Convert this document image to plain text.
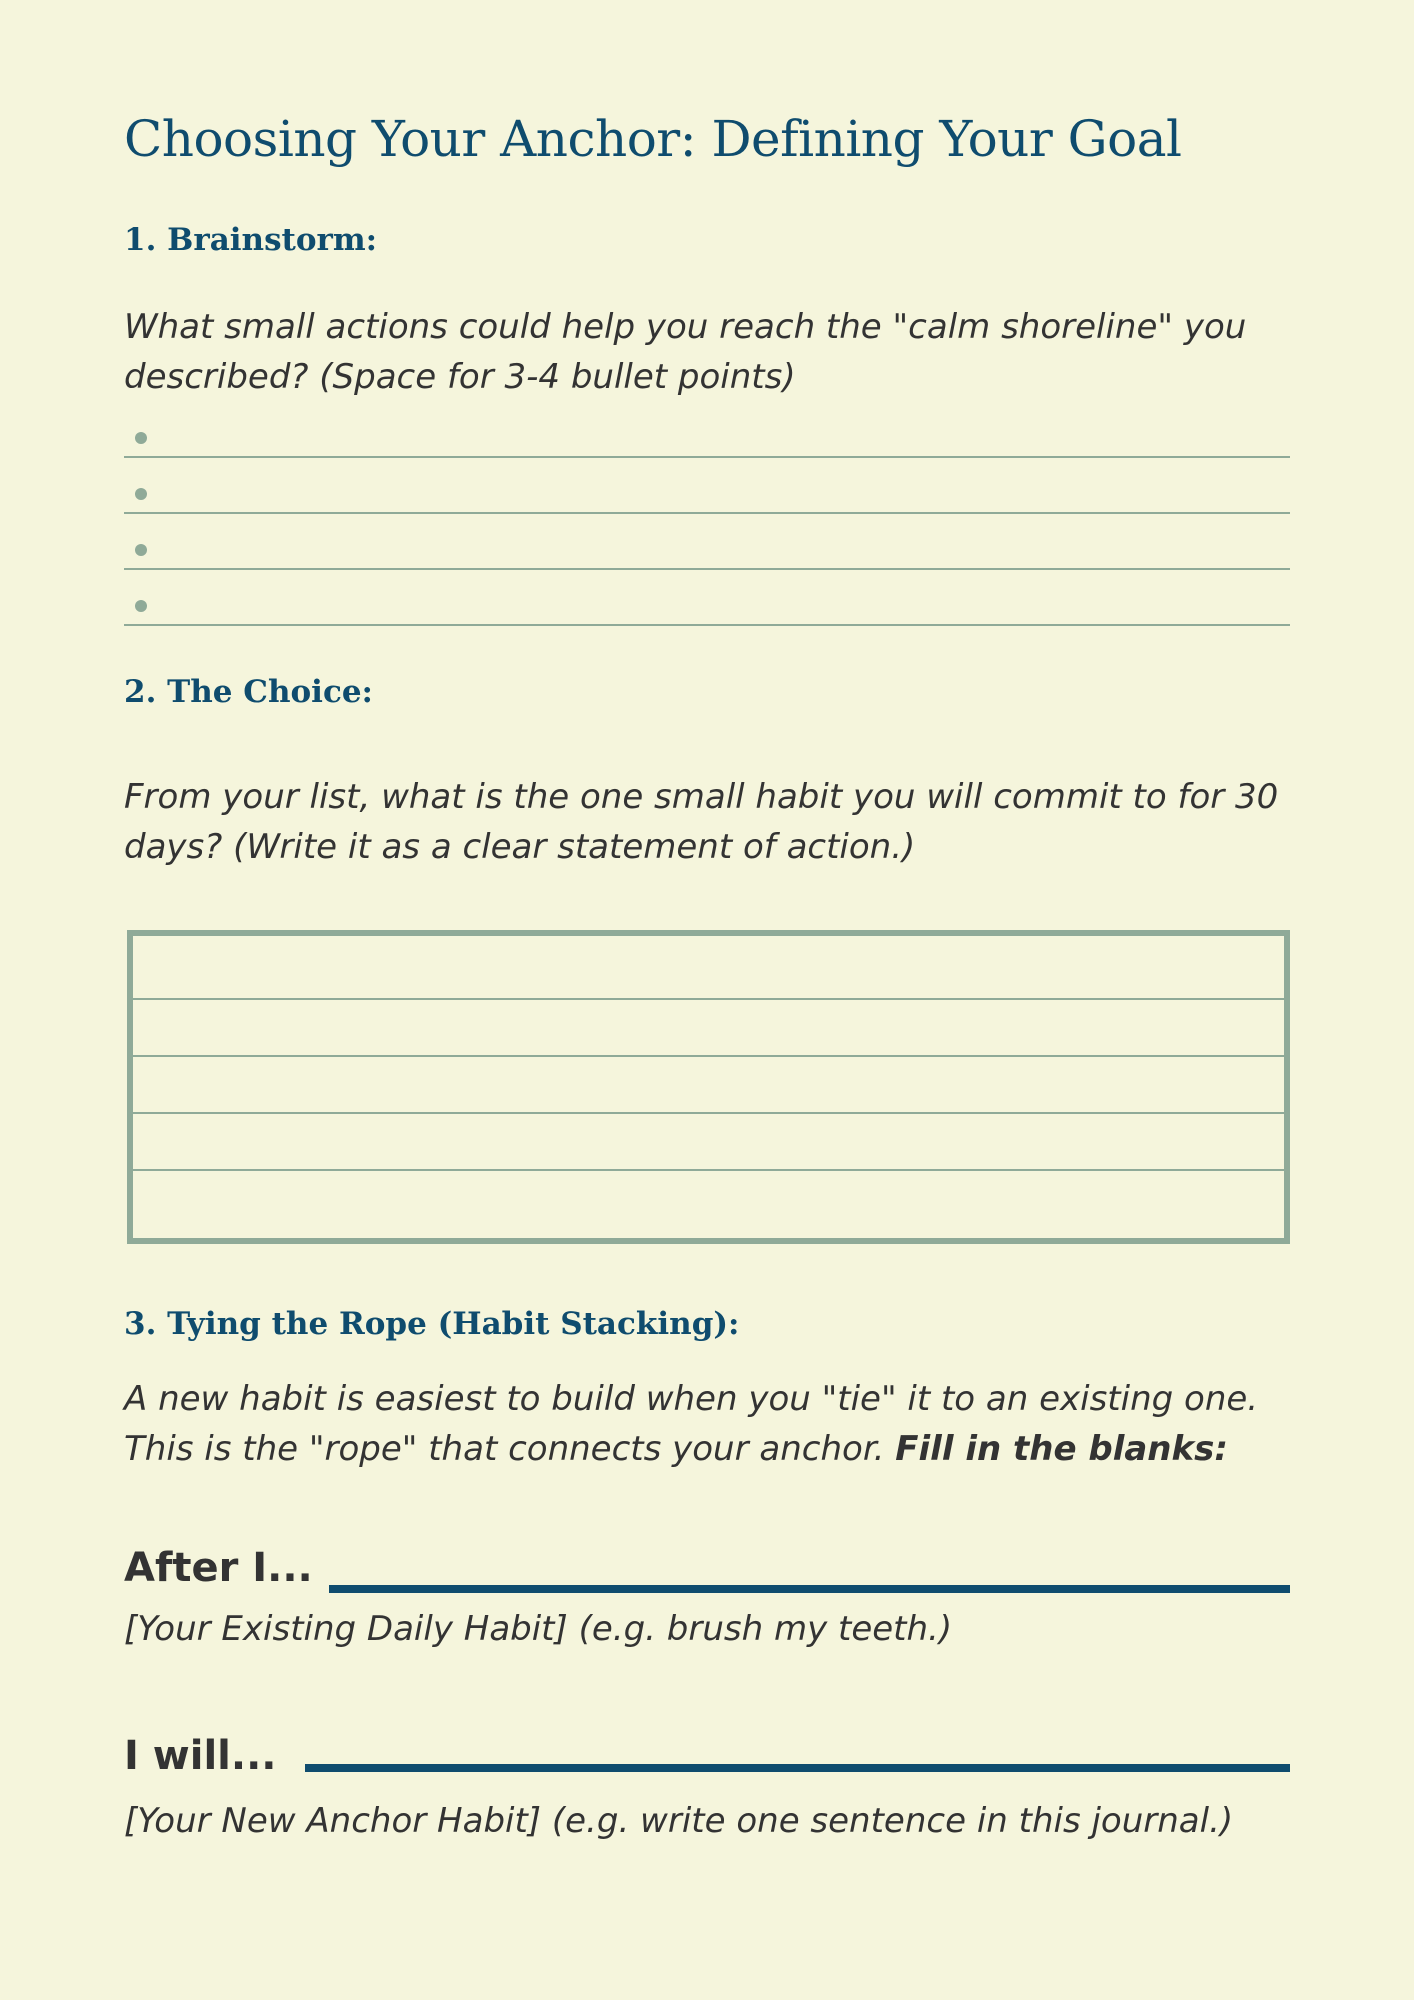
Choosing Your Anchor: Defining Your Goal
1. Brainstorm:

What small actions could help you reach the "calm shoreline" you described? (Space for 3-4 bullet points)

2. The Choice:

From your list, what is the one small habit you will commit to for 30 days? (Write it as a clear statement of action.)

3. Tying the Rope (Habit Stacking):

A new habit is easiest to build when you "tie" it to an existing one. This is the "rope" that connects your anchor. Fill in the blanks:

After I...

[Your Existing Daily Habit] (e.g. brush my teeth.)

I will...

[Your New Anchor Habit] (e.g. write one sentence in this journal.)
